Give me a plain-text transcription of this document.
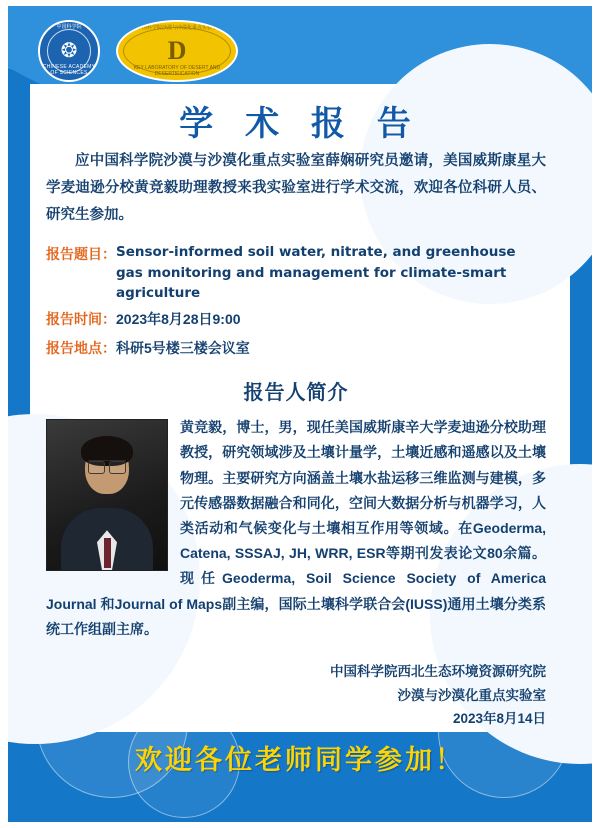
中国科学院
❂
CHINESE ACADEMY OF SCIENCES
中国科学院沙漠与沙漠化重点实验室
D
KEY LABORATORY OF DESERT AND DESERTIFICATION
学 术 报 告
应中国科学院沙漠与沙漠化重点实验室薛娴研究员邀请，美国威斯康星大学麦迪逊分校黄竞毅助理教授来我实验室进行学术交流，欢迎各位科研人员、研究生参加。
报告题目： Sensor-informed soil water, nitrate, and greenhouse gas monitoring and management for climate-smart agriculture
报告时间： 2023年8月28日9:00
报告地点： 科研5号楼三楼会议室
报告人简介
黄竞毅，博士，男，现任美国威斯康辛大学麦迪逊分校助理教授，研究领域涉及土壤计量学，土壤近感和遥感以及土壤物理。主要研究方向涵盖土壤水盐运移三维监测与建模，多元传感器数据融合和同化，空间大数据分析与机器学习，人类活动和气候变化与土壤相互作用等领域。在Geoderma, Catena, SSSAJ, JH, WRR, ESR等期刊发表论文80余篇。现任Geoderma, Soil Science Society of America Journal 和Journal of Maps副主编，国际土壤科学联合会(IUSS)通用土壤分类系统工作组副主席。
中国科学院西北生态环境资源研究院
沙漠与沙漠化重点实验室
2023年8月14日
欢迎各位老师同学参加！
